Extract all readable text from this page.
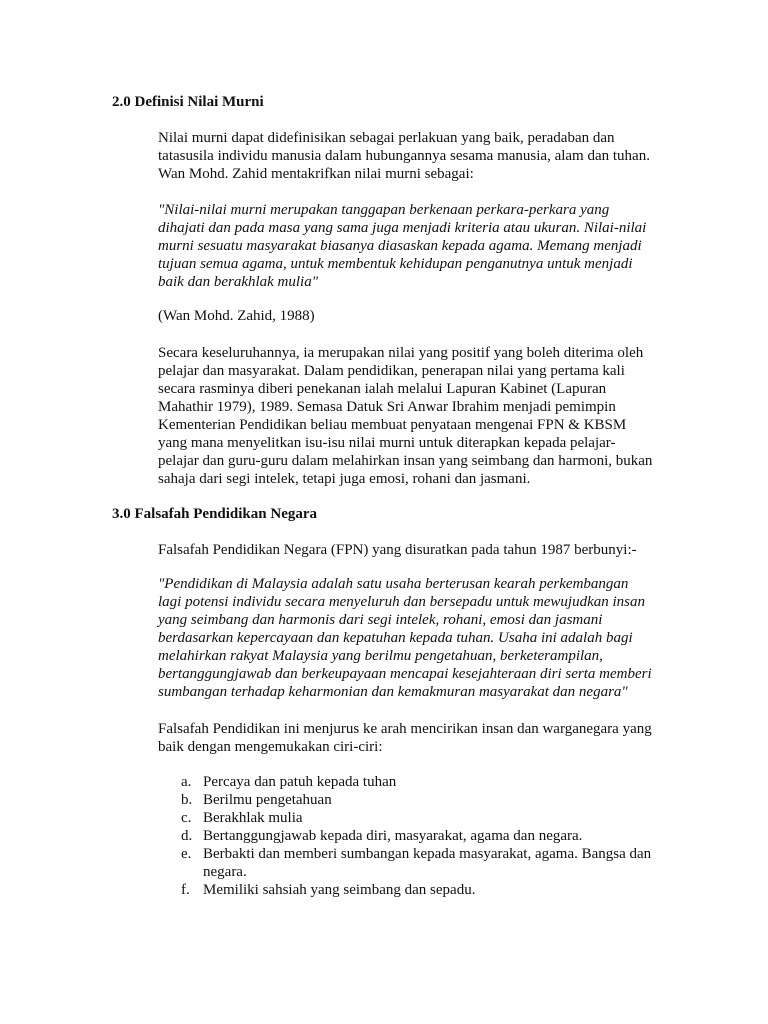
2.0 Definisi Nilai Murni
Nilai murni dapat didefinisikan sebagai perlakuan yang baik, peradaban dan
tatasusila individu manusia dalam hubungannya sesama manusia, alam dan tuhan.
Wan Mohd. Zahid mentakrifkan nilai murni sebagai:
"Nilai-nilai murni merupakan tanggapan berkenaan perkara-perkara yang
dihajati dan pada masa yang sama juga menjadi kriteria atau ukuran. Nilai-nilai
murni sesuatu masyarakat biasanya diasaskan kepada agama. Memang menjadi
tujuan semua agama, untuk membentuk kehidupan penganutnya untuk menjadi
baik dan berakhlak mulia"
(Wan Mohd. Zahid, 1988)
Secara keseluruhannya, ia merupakan nilai yang positif yang boleh diterima oleh
pelajar dan masyarakat. Dalam pendidikan, penerapan nilai yang pertama kali
secara rasminya diberi penekanan ialah melalui Lapuran Kabinet (Lapuran
Mahathir 1979), 1989. Semasa Datuk Sri Anwar Ibrahim menjadi pemimpin
Kementerian Pendidikan beliau membuat penyataan mengenai FPN & KBSM
yang mana menyelitkan isu-isu nilai murni untuk diterapkan kepada pelajar-
pelajar dan guru-guru dalam melahirkan insan yang seimbang dan harmoni, bukan
sahaja dari segi intelek, tetapi juga emosi, rohani dan jasmani.
3.0 Falsafah Pendidikan Negara
Falsafah Pendidikan Negara (FPN) yang disuratkan pada tahun 1987 berbunyi:-
"Pendidikan di Malaysia adalah satu usaha berterusan kearah perkembangan
lagi potensi individu secara menyeluruh dan bersepadu untuk mewujudkan insan
yang seimbang dan harmonis dari segi intelek, rohani, emosi dan jasmani
berdasarkan kepercayaan dan kepatuhan kepada tuhan. Usaha ini adalah bagi
melahirkan rakyat Malaysia yang berilmu pengetahuan, berketerampilan,
bertanggungjawab dan berkeupayaan mencapai kesejahteraan diri serta memberi
sumbangan terhadap keharmonian dan kemakmuran masyarakat dan negara"
Falsafah Pendidikan ini menjurus ke arah mencirikan insan dan warganegara yang
baik dengan mengemukakan ciri-ciri:
a. Percaya dan patuh kepada tuhan
b. Berilmu pengetahuan
c. Berakhlak mulia
d. Bertanggungjawab kepada diri, masyarakat, agama dan negara.
e. Berbakti dan memberi sumbangan kepada masyarakat, agama. Bangsa dan
negara.
f. Memiliki sahsiah yang seimbang dan sepadu.
